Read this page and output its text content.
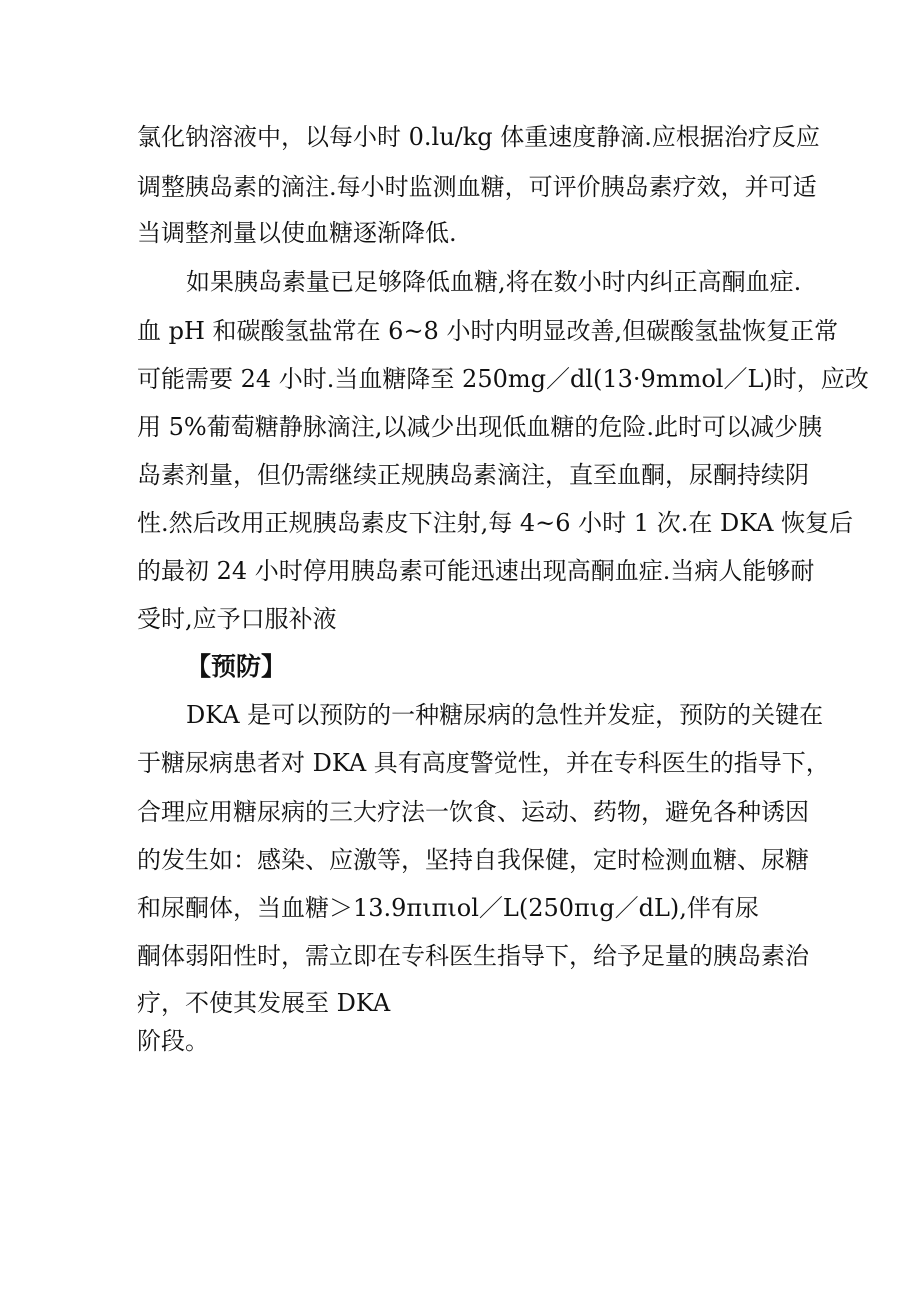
氯化钠溶液中，以每小时 0.lu/kg 体重速度静滴.应根据治疗反应
调整胰岛素的滴注.每小时监测血糖，可评价胰岛素疗效，并可适
当调整剂量以使血糖逐渐降低.
如果胰岛素量已足够降低血糖,将在数小时内纠正高酮血症.
血 pH 和碳酸氢盐常在 6~8 小时内明显改善,但碳酸氢盐恢复正常
可能需要 24 小时.当血糖降至 250mg／dl(13·9mmol／L)时，应改
用 5%葡萄糖静脉滴注,以减少出现低血糖的危险.此时可以减少胰
岛素剂量，但仍需继续正规胰岛素滴注，直至血酮，尿酮持续阴
性.然后改用正规胰岛素皮下注射,每 4~6 小时 1 次.在 DKA 恢复后
的最初 24 小时停用胰岛素可能迅速出现高酮血症.当病人能够耐
受时,应予口服补液
【预防】
DKA 是可以预防的一种糖尿病的急性并发症，预防的关键在
于糖尿病患者对 DKA 具有高度警觉性，并在专科医生的指导下，
合理应用糖尿病的三大疗法一饮食、运动、药物，避免各种诱因
的发生如：感染、应激等，坚持自我保健，定时检测血糖、尿糖
和尿酮体，当血糖＞13.9πιπιol／L(250πιg／dL),伴有尿
酮体弱阳性时，需立即在专科医生指导下，给予足量的胰岛素治
疗，不使其发展至 DKA
阶段。
